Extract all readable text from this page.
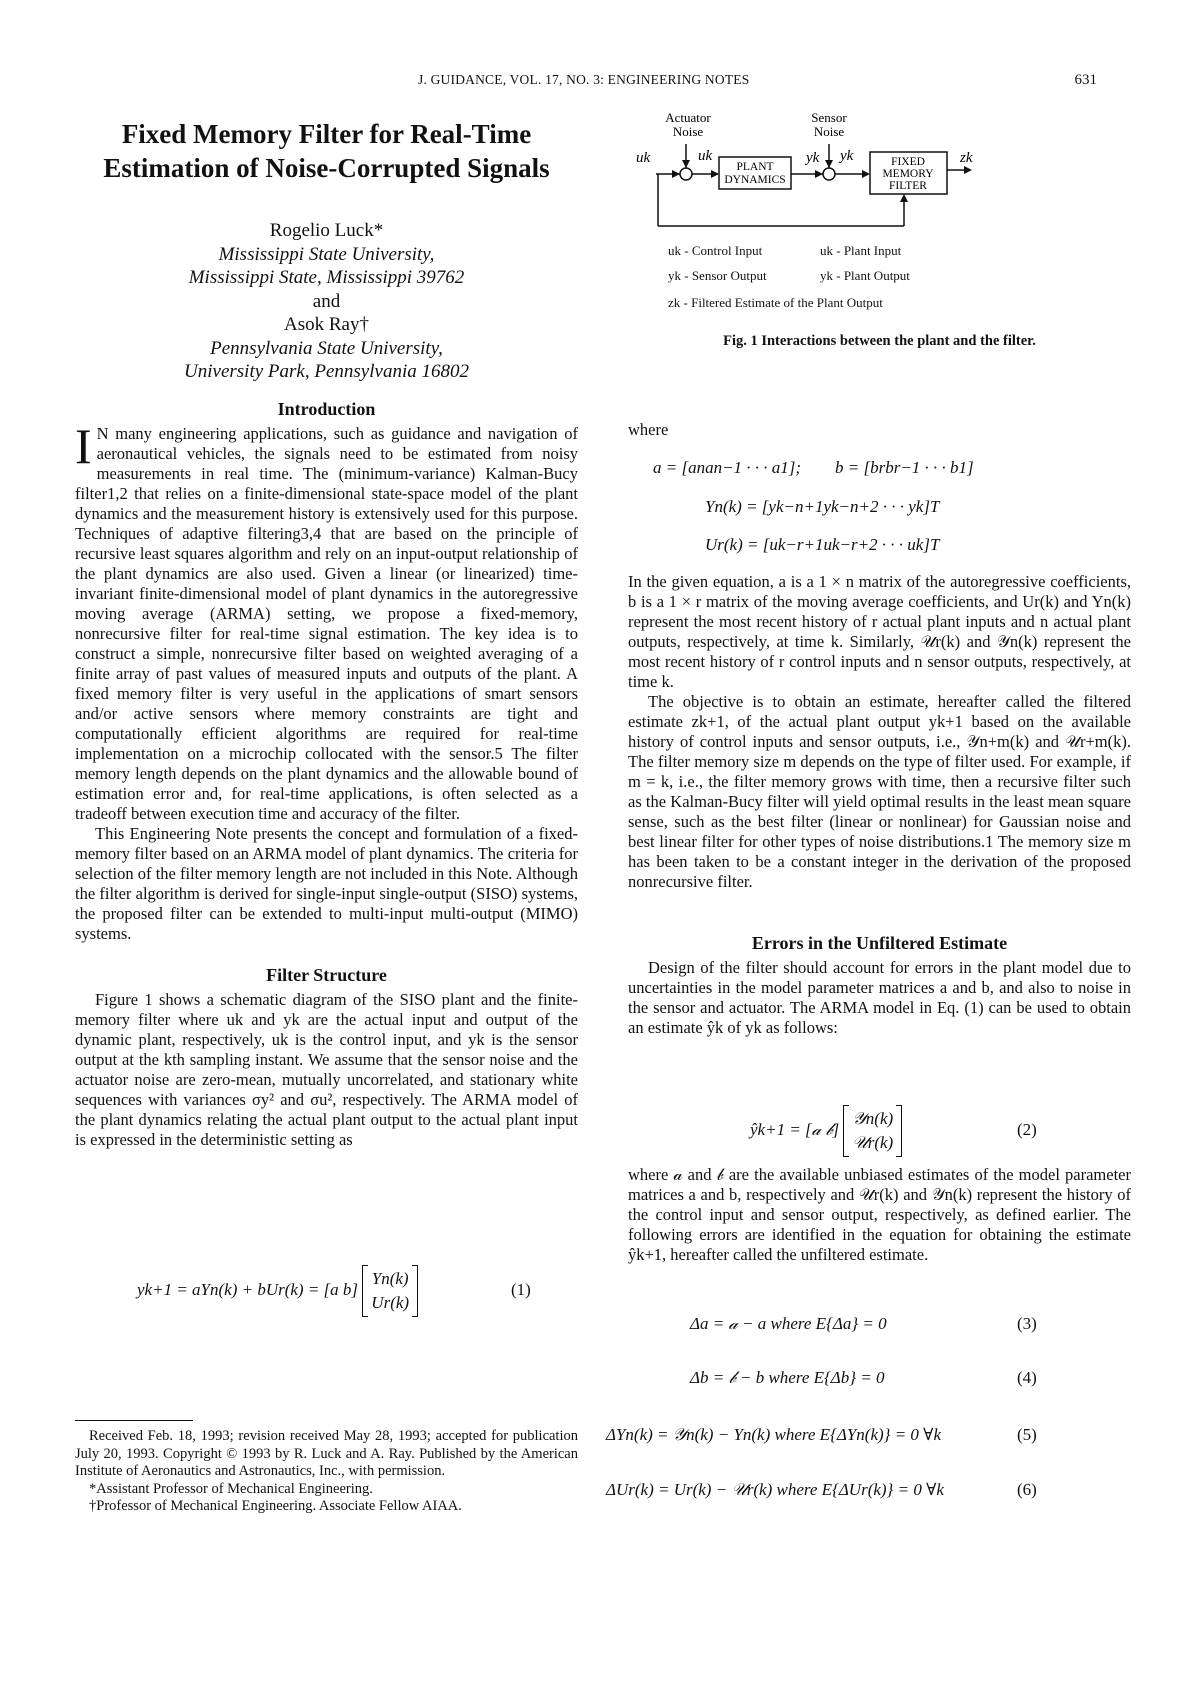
J. GUIDANCE, VOL. 17, NO. 3: ENGINEERING NOTES	631
Fixed Memory Filter for Real-Time Estimation of Noise-Corrupted Signals
Rogelio Luck*
Mississippi State University,
Mississippi State, Mississippi 39762
and
Asok Ray†
Pennsylvania State University,
University Park, Pennsylvania 16802
Introduction

I N many engineering applications, such as guidance and navigation of aeronautical vehicles, the signals need to be estimated from noisy measurements in real time. The (minimum-variance) Kalman-Bucy filter1,2 that relies on a finite-dimensional state-space model of the plant dynamics and the measurement history is extensively used for this purpose. Techniques of adaptive filtering3,4 that are based on the principle of recursive least squares algorithm and rely on an input-output relationship of the plant dynamics are also used. Given a linear (or linearized) time-invariant finite-dimensional model of plant dynamics in the autoregressive moving average (ARMA) setting, we propose a fixed-memory, nonrecursive filter for real-time signal estimation. The key idea is to construct a simple, nonrecursive filter based on weighted averaging of a finite array of past values of measured inputs and outputs of the plant. A fixed memory filter is very useful in the applications of smart sensors and/or active sensors where memory constraints are tight and computationally efficient algorithms are required for real-time implementation on a microchip collocated with the sensor.5 The filter memory length depends on the plant dynamics and the allowable bound of estimation error and, for real-time applications, is often selected as a tradeoff between execution time and accuracy of the filter.

This Engineering Note presents the concept and formulation of a fixed-memory filter based on an ARMA model of plant dynamics. The criteria for selection of the filter memory length are not included in this Note. Although the filter algorithm is derived for single-input single-output (SISO) systems, the proposed filter can be extended to multi-input multi-output (MIMO) systems.

Filter Structure

Figure 1 shows a schematic diagram of the SISO plant and the finite-memory filter where uk and yk are the actual input and output of the dynamic plant, respectively, uk is the control input, and yk is the sensor output at the kth sampling instant. We assume that the sensor noise and the actuator noise are zero-mean, mutually uncorrelated, and stationary white sequences with variances σy² and σu², respectively. The ARMA model of the plant dynamics relating the actual plant output to the actual plant input is expressed in the deterministic setting as

yk+1 = aYn(k) + bUr(k) = [a b]
Yn(k)
Ur(k)
(1)

Received Feb. 18, 1993; revision received May 28, 1993; accepted for publication July 20, 1993. Copyright © 1993 by R. Luck and A. Ray. Published by the American Institute of Aeronautics and Astronautics, Inc., with permission.

*Assistant Professor of Mechanical Engineering.

†Professor of Mechanical Engineering. Associate Fellow AIAA.

Actuator
Noise
Sensor
Noise
PLANT
DYNAMICS
FIXED
MEMORY
FILTER
uk	uk	yk yk	zk
uk - Control Input	uk - Plant Input
yk - Sensor Output	yk - Plant Output
zk - Filtered Estimate of the Plant Output
Fig. 1 Interactions between the plant and the filter.

where

a = [anan−1 · · · a1]; b = [brbr−1 · · · b1]
Yn(k) = [yk−n+1yk−n+2 · · · yk]T
Ur(k) = [uk−r+1uk−r+2 · · · uk]T

In the given equation, a is a 1 × n matrix of the autoregressive coefficients, b is a 1 × r matrix of the moving average coefficients, and Ur(k) and Yn(k) represent the most recent history of r actual plant inputs and n actual plant outputs, respectively, at time k. Similarly, 𝒰r(k) and 𝒴n(k) represent the most recent history of r control inputs and n sensor outputs, respectively, at time k.

The objective is to obtain an estimate, hereafter called the filtered estimate zk+1, of the actual plant output yk+1 based on the available history of control inputs and sensor outputs, i.e., 𝒴n+m(k) and 𝒰r+m(k). The filter memory size m depends on the type of filter used. For example, if m = k, i.e., the filter memory grows with time, then a recursive filter such as the Kalman-Bucy filter will yield optimal results in the least mean square sense, such as the best filter (linear or nonlinear) for Gaussian noise and best linear filter for other types of noise distributions.1 The memory size m has been taken to be a constant integer in the derivation of the proposed nonrecursive filter.

Errors in the Unfiltered Estimate

Design of the filter should account for errors in the plant model due to uncertainties in the model parameter matrices a and b, and also to noise in the sensor and actuator. The ARMA model in Eq. (1) can be used to obtain an estimate ŷk of yk as follows:

ŷk+1 = [𝒶 𝒷]
𝒴n(k)
𝒰r(k)
(2)

where 𝒶 and 𝒷 are the available unbiased estimates of the model parameter matrices a and b, respectively and 𝒰r(k) and 𝒴n(k) represent the history of the control input and sensor output, respectively, as defined earlier. The following errors are identified in the equation for obtaining the estimate ŷk+1, hereafter called the unfiltered estimate.

Δa = 𝒶 − a where E{Δa} = 0	(3)
Δb = 𝒷 − b where E{Δb} = 0	(4)
ΔYn(k) = 𝒴n(k) − Yn(k) where E{ΔYn(k)} = 0 ∀k	(5)
ΔUr(k) = Ur(k) − 𝒰r(k) where E{ΔUr(k)} = 0 ∀k	(6)
